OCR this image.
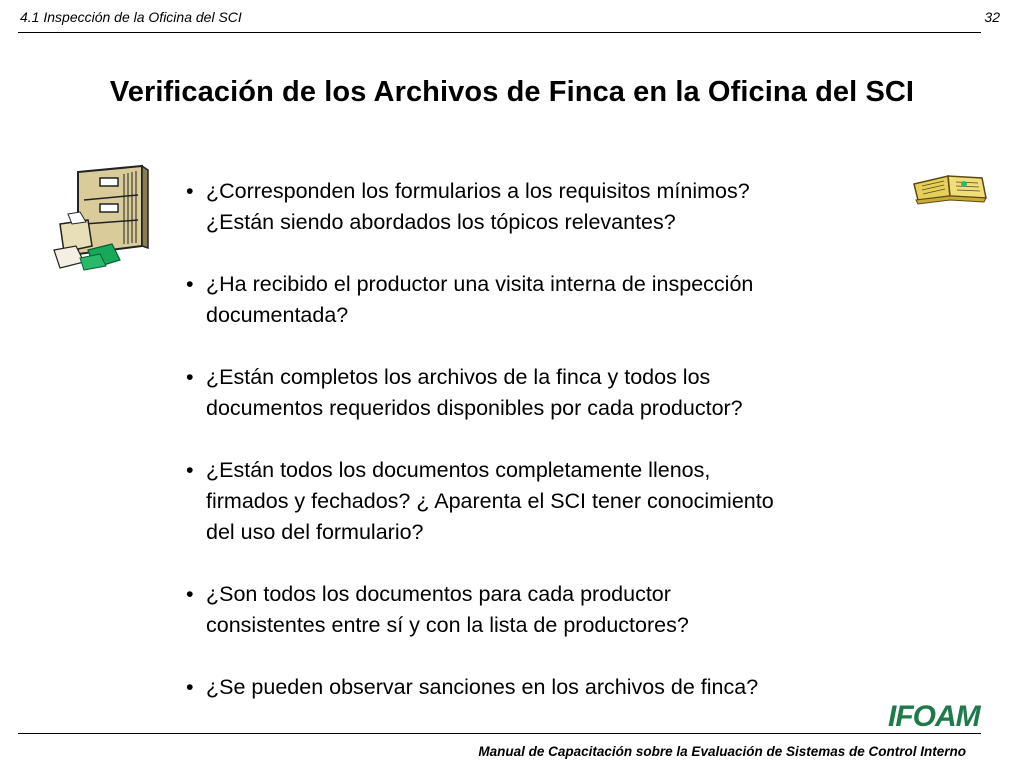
4.1 Inspección de la Oficina del SCI	32
Verificación de los Archivos de Finca en la Oficina del SCI
• ¿Corresponden los formularios a los requisitos mínimos?
¿Están siendo abordados los tópicos relevantes?
• ¿Ha recibido el productor una visita interna de inspección
documentada?
• ¿Están completos los archivos de la finca y todos los
documentos requeridos disponibles por cada productor?
• ¿Están todos los documentos completamente llenos,
firmados y fechados? ¿ Aparenta el SCI tener conocimiento
del uso del formulario?
• ¿Son todos los documentos para cada productor
consistentes entre sí y con la lista de productores?
• ¿Se pueden observar sanciones en los archivos de finca?
IFOAM
Manual de Capacitación sobre la Evaluación de Sistemas de Control Interno
